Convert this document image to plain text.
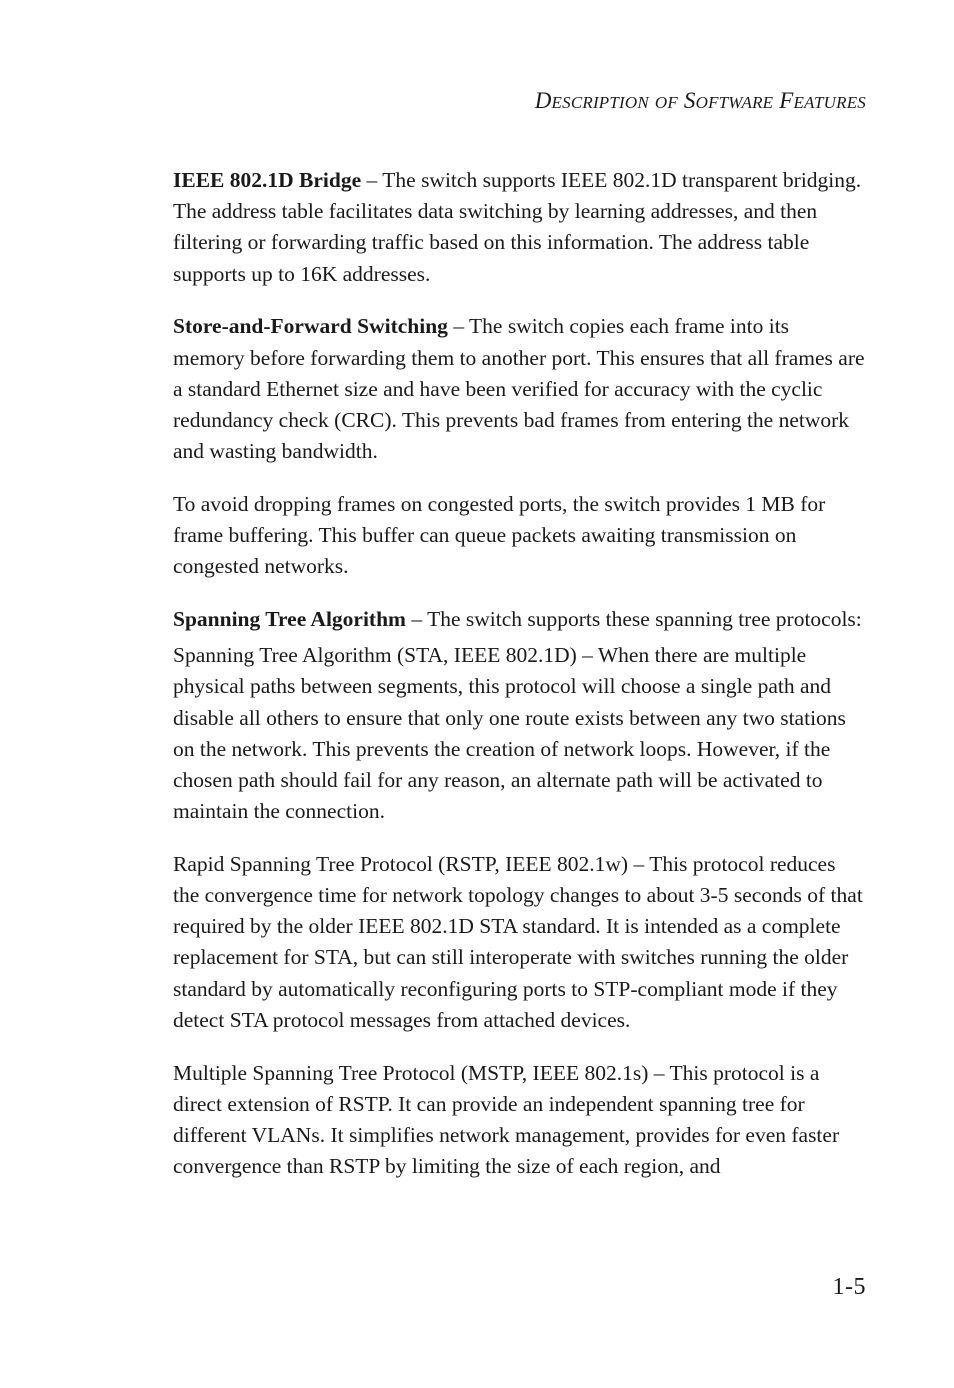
DESCRIPTION OF SOFTWARE FEATURES

IEEE 802.1D Bridge – The switch supports IEEE 802.1D transparent bridging. The address table facilitates data switching by learning addresses, and then filtering or forwarding traffic based on this information. The address table supports up to 16K addresses.

Store-and-Forward Switching – The switch copies each frame into its memory before forwarding them to another port. This ensures that all frames are a standard Ethernet size and have been verified for accuracy with the cyclic redundancy check (CRC). This prevents bad frames from entering the network and wasting bandwidth.

To avoid dropping frames on congested ports, the switch provides 1 MB for frame buffering. This buffer can queue packets awaiting transmission on congested networks.

Spanning Tree Algorithm – The switch supports these spanning tree protocols:

Spanning Tree Algorithm (STA, IEEE 802.1D) – When there are multiple physical paths between segments, this protocol will choose a single path and disable all others to ensure that only one route exists between any two stations on the network. This prevents the creation of network loops. However, if the chosen path should fail for any reason, an alternate path will be activated to maintain the connection.

Rapid Spanning Tree Protocol (RSTP, IEEE 802.1w) – This protocol reduces the convergence time for network topology changes to about 3-5 seconds of that required by the older IEEE 802.1D STA standard. It is intended as a complete replacement for STA, but can still interoperate with switches running the older standard by automatically reconfiguring ports to STP-compliant mode if they detect STA protocol messages from attached devices.

Multiple Spanning Tree Protocol (MSTP, IEEE 802.1s) – This protocol is a direct extension of RSTP. It can provide an independent spanning tree for different VLANs. It simplifies network management, provides for even faster convergence than RSTP by limiting the size of each region, and

1-5
